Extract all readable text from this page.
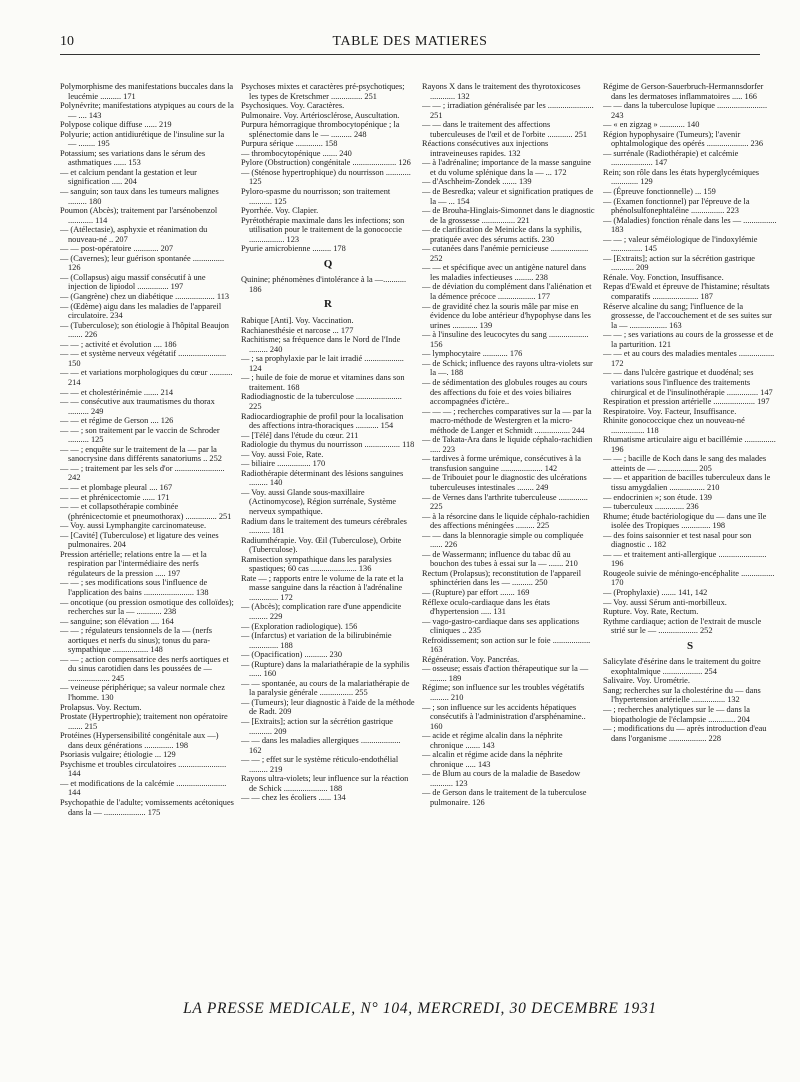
10	TABLE DES MATIERES
Polymorphisme des manifestations buccales dans la leucémie .......... 171
Polynévrite; manifestations atypiques au cours de la — .... 143
Polypose colique diffuse ...... 219
Polyurie; action antidiurétique de l'insuline sur la — ........ 195
Potassium; ses variations dans le sérum des asthmatiques ...... 153
— et calcium pendant la gestation et leur signification ..... 204
— sanguin; son taux dans les tumeurs malignes ......... 180
Poumon (Abcès); traitement par l'arsénobenzol ............ 114
— (Atélectasie), asphyxie et réanimation du nouveau-né .. 207
— — post-opératoire ............ 207
— (Cavernes); leur guérison spontanée ............... 126
— (Collapsus) aigu massif consécutif à une injection de lipiodol ............... 197
— (Gangrène) chez un diabétique ................... 113
— (Œdème) aigu dans les maladies de l'appareil circulatoire. 234
— (Tuberculose); son étiologie à l'hôpital Beaujon ....... 226
— — ; activité et évolution .... 186
— — et système nerveux végétatif ....................... 150
— — et variations morphologiques du cœur ........... 214
— — et cholestérinémie ....... 214
— — consécutive aux traumatismes du thorax .......... 249
— — et régime de Gerson .... 126
— — ; son traitement par le vaccin de Schroder .......... 125
— — ; enquête sur le traitement de la — par la sanocrysine dans différents sanatoriums .. 252
— — ; traitement par les sels d'or ........................ 242
— — et plombage pleural .... 167
— — et phrénicectomie ...... 171
— — et collapsothérapie combinée (phrénicectomie et pneumothorax) ............... 251
— Voy. aussi Lymphangite carcinomateuse.
— [Cavité] (Tuberculose) et ligature des veines pulmonaires. 204
Pression artérielle; relations entre la — et la respiration par l'intermédiaire des nerfs régulateurs de la pression ..... 197
— — ; ses modifications sous l'influence de l'application des bains ........................ 138
— oncotique (ou pression osmotique des colloïdes); recherches sur la — ............ 238
— sanguine; son élévation .... 164
— — ; régulateurs tensionnels de la — (nerfs aortiques et nerfs du sinus); tonus du para-sympathique ................. 148
— — ; action compensatrice des nerfs aortiques et du sinus carotidien dans les poussées de — .................... 245
— veineuse périphérique; sa valeur normale chez l'homme. 130
Prolapsus. Voy. Rectum.
Prostate (Hypertrophie); traitement non opératoire ....... 215
Protéines (Hypersensibilité congénitale aux —) dans deux générations .............. 198
Psoriasis vulgaire; étiologie ... 129
Psychisme et troubles circulatoires ....................... 144
— et modifications de la calcémie ........................ 144
Psychopathie de l'adulte; vomissements acétoniques dans la — .................... 175
Psychoses mixtes et caractères pré-psychotiques; les types de Kretschmer ............... 251
Psychosiques. Voy. Caractères.
Pulmonaire. Voy. Artériosclérose, Auscultation.
Purpura hémorragique thrombocytopénique ; la splénectomie dans le — .......... 248
Purpura sérique ............. 158
— thrombocytopénique ....... 240
Pylore (Obstruction) congénitale ..................... 126
— (Sténose hypertrophique) du nourrisson ............ 125
Pyloro-spasme du nourrisson; son traitement ........... 125
Pyorrhée. Voy. Clapier.
Pyrétothérapie maximale dans les infections; son utilisation pour le traitement de la gonococcie ................. 123
Pyurie amicrobienne ......... 178
Q
Quinine; phénomènes d'intolérance à la —........... 186
R
Rabique [Anti]. Voy. Vaccination.
Rachianesthésie et narcose ... 177
Rachitisme; sa fréquence dans le Nord de l'Inde ......... 240
— ; sa prophylaxie par le lait irradié ................... 124
— ; huile de foie de morue et vitamines dans son traitement. 168
Radiodiagnostic de la tuberculose ...................... 225
Radiocardiographie de profil pour la localisation des affections intra-thoraciques ........... 154
— [Télé] dans l'étude du cœur. 211
Radiologie du thymus du nourrisson ................. 118
— Voy. aussi Foie, Rate.
— biliaire ................ 170
Radiothérapie déterminant des lésions sanguines ......... 140
— Voy. aussi Glande sous-maxillaire (Actinomycose), Région surrénale, Système nerveux sympathique.
Radium dans le traitement des tumeurs cérébrales .......... 181
Radiumthérapie. Voy. Œil (Tuberculose), Orbite (Tuberculose).
Ramisection sympathique dans les paralysies spastiques; 60 cas ...................... 136
Rate — ; rapports entre le volume de la rate et la masse sanguine dans la réaction à l'adrénaline .............. 172
— (Abcès); complication rare d'une appendicite ......... 229
— (Exploration radiologique). 156
— (Infarctus) et variation de la bilirubinémie .............. 188
— (Opacification) ........... 230
— (Rupture) dans la malariathérapie de la syphilis ...... 160
— — spontanée, au cours de la malariathérapie de la paralysie générale ................ 255
— (Tumeurs); leur diagnostic à l'aide de la méthode de Radt. 209
— [Extraits]; action sur la sécrétion gastrique ........... 209
— — dans les maladies allergiques ................... 162
— — ; effet sur le système réticulo-endothélial ......... 219
Rayons ultra-violets; leur influence sur la réaction de Schick ..................... 188
— — chez les écoliers ...... 134
Rayons X dans le traitement des thyrotoxicoses ............ 132
— — ; irradiation généralisée par les ...................... 251
— — dans le traitement des affections tuberculeuses de l'œil et de l'orbite ............ 251
Réactions consécutives aux injections intraveineuses rapides. 132
— à l'adrénaline; importance de la masse sanguine et du volume splénique dans la — ... 172
— d'Aschheim-Zondek ....... 139
— de Besredka; valeur et signification pratiques de la — ... 154
— de Brouha-Hinglais-Simonnet dans le diagnostic de la grossesse ................ 221
— de clarification de Meinicke dans la syphilis, pratiquée avec des sérums actifs. 230
— cutanées dans l'anémie pernicieuse .................. 252
— — et spécifique avec un antigène naturel dans les maladies infectieuses ......... 238
— de déviation du complément dans l'aliénation et la démence précoce .................. 177
— de gravidité chez la souris mâle par mise en évidence du lobe antérieur d'hypophyse dans les urines ............ 139
— à l'insuline des leucocytes du sang ................... 156
— lymphocytaire ............ 176
— de Schick; influence des rayons ultra-violets sur la —. 188
— de sédimentation des globules rouges au cours des affections du foie et des voies biliaires accompagnées d'ictère..
— — — ; recherches comparatives sur la — par la macro-méthode de Westergren et la micro-méthode de Langer et Schmidt ................. 244
— de Takata-Ara dans le liquide céphalo-rachidien ..... 223
— tardives à forme urémique, consécutives à la transfusion sanguine .................... 142
— de Tribouiet pour le diagnostic des ulcérations tuberculeuses intestinales ........ 249
— de Vernes dans l'arthrite tuberculeuse .............. 225
— à la résorcine dans le liquide céphalo-rachidien des affections méningées ......... 225
— — dans la blennoragie simple ou compliquée ...... 226
— de Wassermann; influence du tabac dû au bouchon des tubes à essai sur la — ....... 210
Rectum (Prolapsus); reconstitution de l'appareil sphinctérien dans les — .......... 250
— (Rupture) par effort ....... 169
Réflexe oculo-cardiaque dans les états d'hypertension ..... 131
— vago-gastro-cardiaque dans ses applications cliniques .. 235
Refroidissement; son action sur le foie .................. 163
Régénération. Voy. Pancréas.
— osseuse; essais d'action thérapeutique sur la — ........ 189
Régime; son influence sur les troubles végétatifs ......... 210
— ; son influence sur les accidents hépatiques consécutifs à l'administration d'arsphénamine.. 160
— acide et régime alcalin dans la néphrite chronique ....... 143
— alcalin et régime acide dans la néphrite chronique ..... 143
— de Blum au cours de la maladie de Basedow ........... 123
— de Gerson dans le traitement de la tuberculose pulmonaire. 126
Régime de Gerson-Sauerbruch-Hermannsdorfer dans les dermatoses inflammatoires ..... 166
— — dans la tuberculose lupique ........................ 243
— « en zigzag » ............ 140
Région hypophysaire (Tumeurs); l'avenir ophtalmologique des opérés .................... 236
— surrénale (Radiothérapie) et calcémie .................... 147
Rein; son rôle dans les états hyperglycémiques ............. 129
— (Épreuve fonctionnelle) ... 159
— (Examen fonctionnel) par l'épreuve de la phénolsulfonephtaléine ................ 223
— (Maladies) fonction rénale dans les — ................ 183
— — ; valeur séméiologique de l'indoxylémie ............... 145
— [Extraits]; action sur la sécrétion gastrique ........... 209
Rénale. Voy. Fonction, Insuffisance.
Repas d'Ewald et épreuve de l'histamine; résultats comparatifs ...................... 187
Réserve alcaline du sang; l'influence de la grossesse, de l'accouchement et de ses suites sur la — .................. 163
— — ; ses variations au cours de la grossesse et de la parturition. 121
— — et au cours des maladies mentales ................. 172
— — dans l'ulcère gastrique et duodénal; ses variations sous l'influence des traitements chirurgical et de l'insulinothérapie ............... 147
Respiration et pression artérielle .................... 197
Respiratoire. Voy. Facteur, Insuffisance.
Rhinite gonococcique chez un nouveau-né ................ 118
Rhumatisme articulaire aigu et bacillémie ............... 196
— — ; bacille de Koch dans le sang des malades atteints de — ................... 205
— — et apparition de bacilles tuberculeux dans le tissu amygdalien ................. 210
— endocrinien »; son étude. 139
— tuberculeux .............. 236
Rhume; étude bactériologique du — dans une île isolée des Tropiques .............. 198
— des foins saisonnier et test nasal pour son diagnostic .. 182
— — et traitement anti-allergique ....................... 196
Rougeole suivie de méningo-encéphalite ................ 170
— (Prophylaxie) ....... 141, 142
— Voy. aussi Sérum anti-morbilleux.
Rupture. Voy. Rate, Rectum.
Rythme cardiaque; action de l'extrait de muscle strié sur le — ................... 252
S
Salicylate d'ésérine dans le traitement du goitre exophtalmique ................... 254
Salivaire. Voy. Urométrie.
Sang; recherches sur la cholestérine du — dans l'hypertension artérielle ................ 132
— ; recherches analytiques sur le — dans la biopathologie de l'éclampsie ............. 204
— ; modifications du — après introduction d'eau dans l'organisme .................. 228
LA PRESSE MEDICALE, N° 104, MERCREDI, 30 DECEMBRE 1931
